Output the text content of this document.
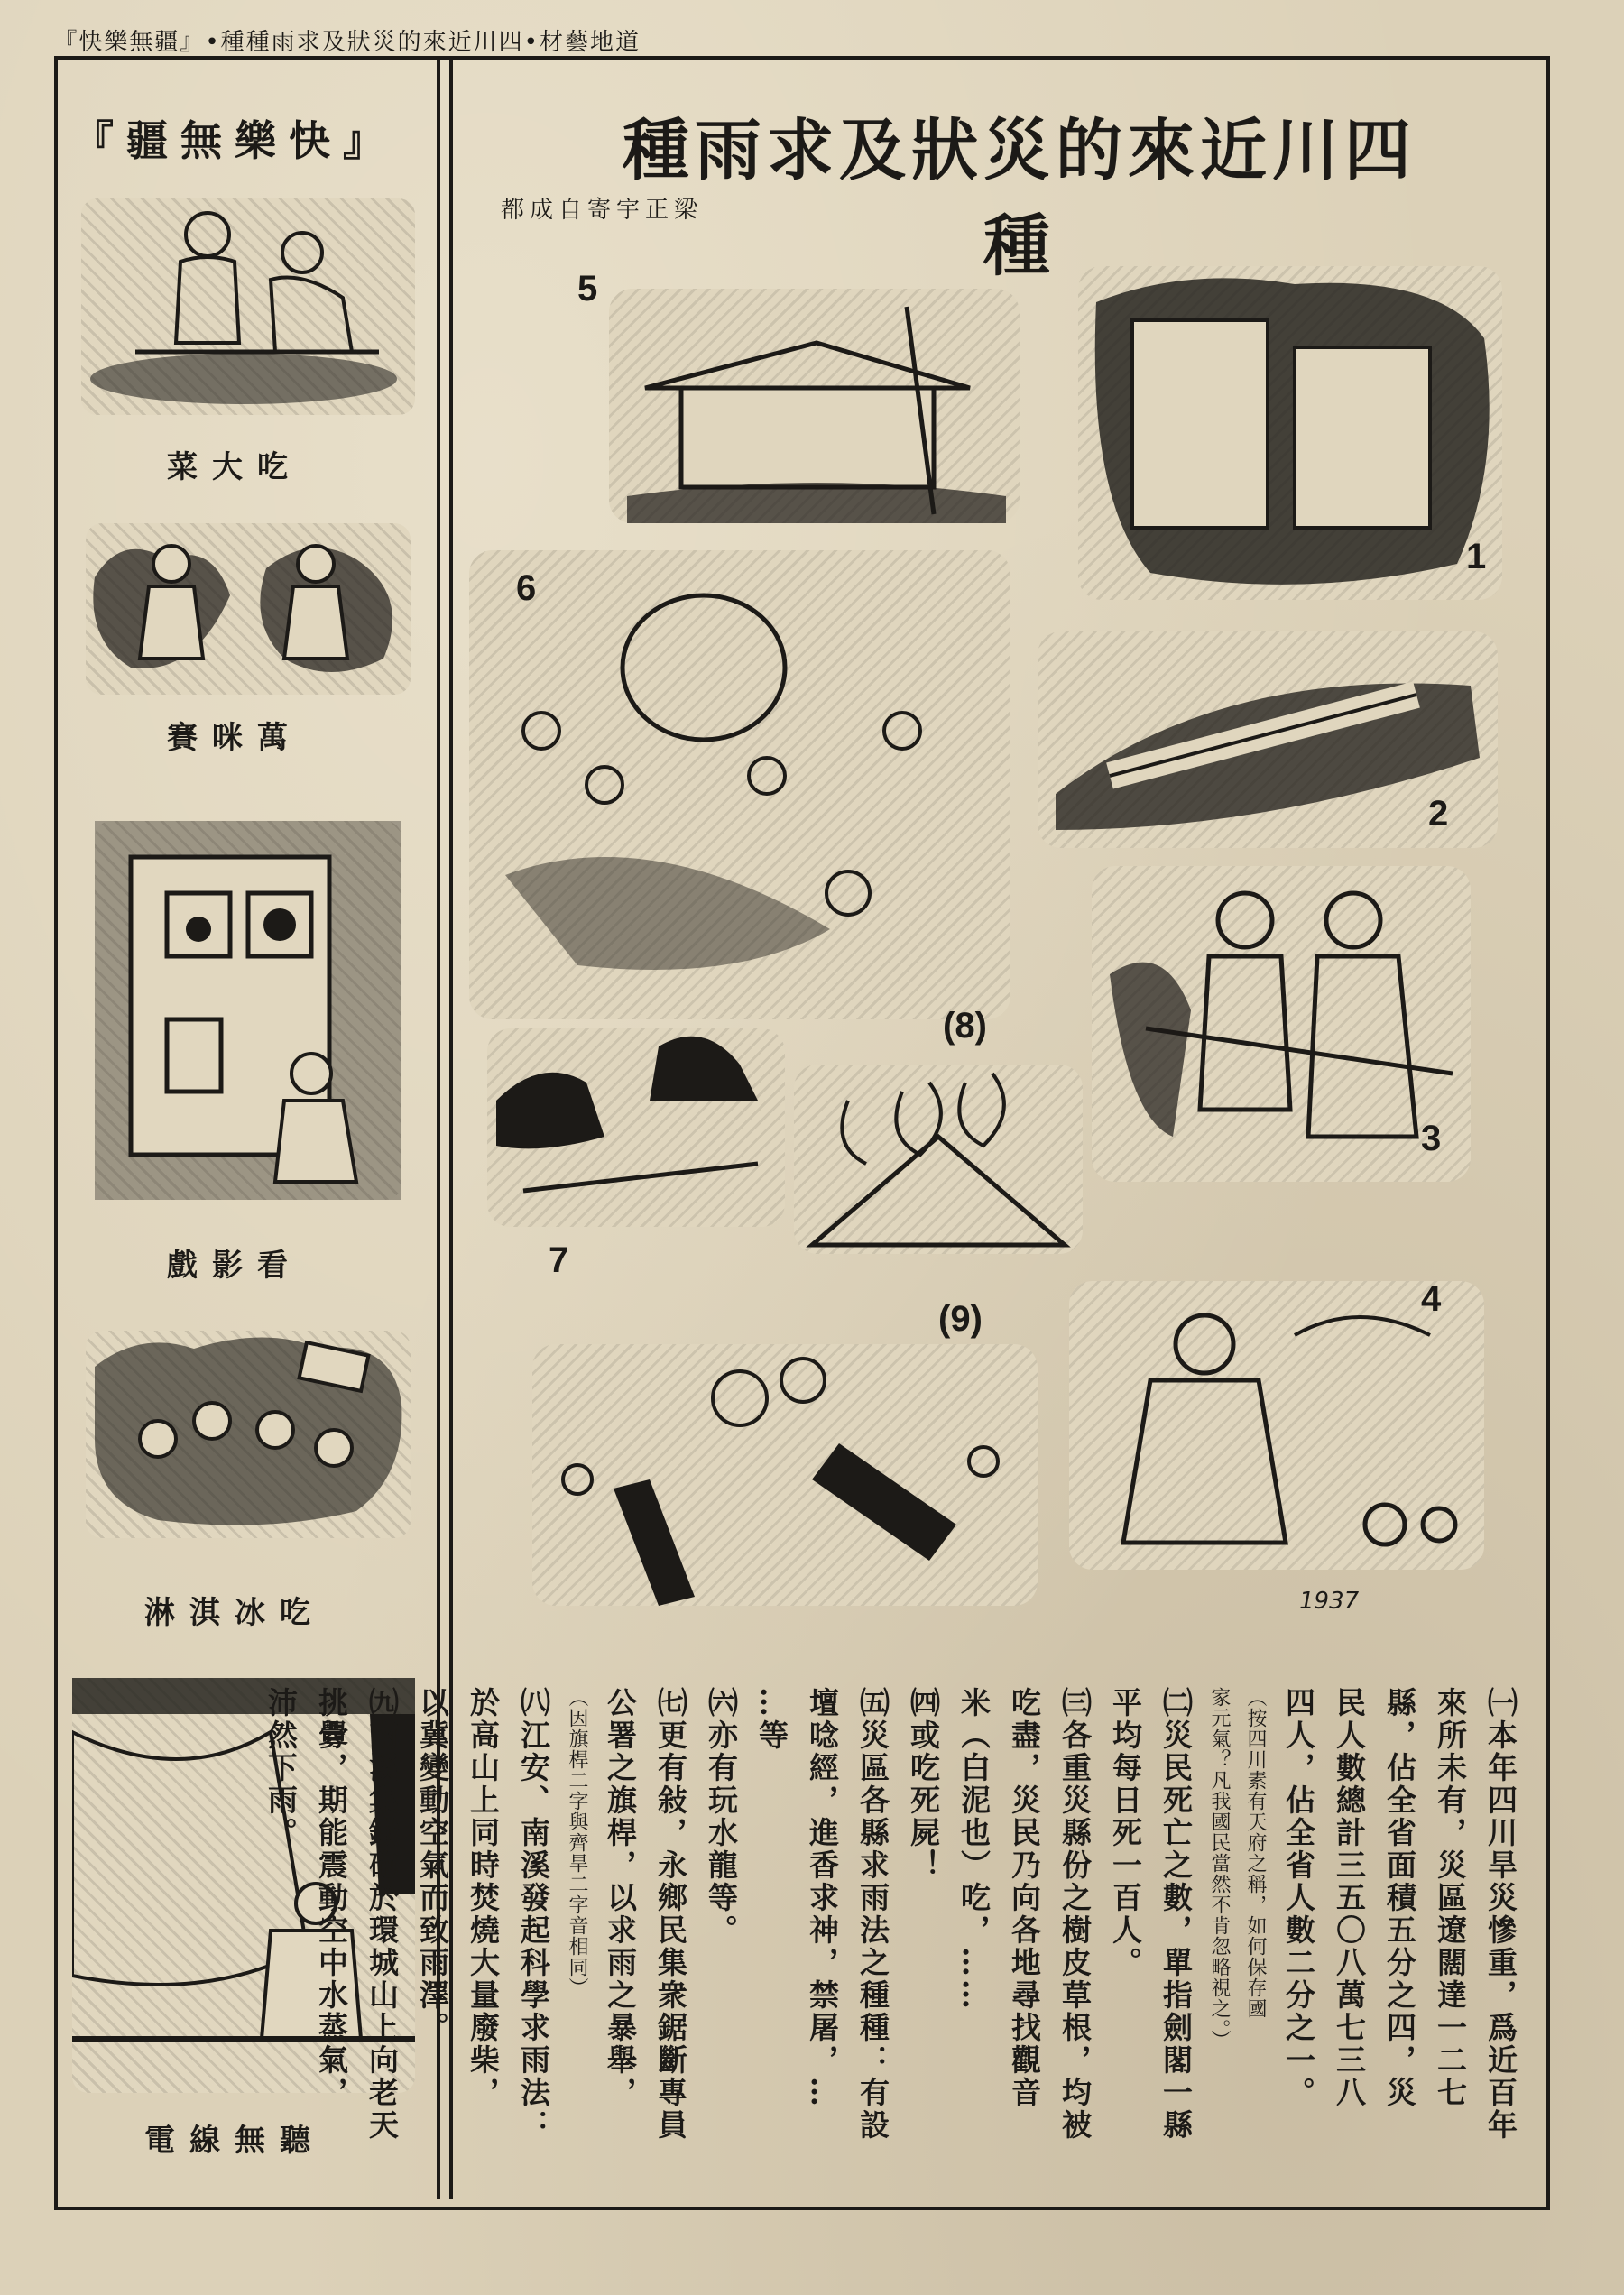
道地藝材•四川近來的災狀及求雨種種•『疆無樂快』
『快樂無疆』
吃大菜
萬咪賽
看影戲
吃冰淇淋
聽無線電
四川近來的災狀及求雨種種
梁正宇寄自成都
5
1
6
2
3
(8)
7
4
(9)
1937
㈠本年四川旱災慘重，爲近百年
來所未有，災區遼闊達一二七
縣，佔全省面積五分之四，災
民人數總計三五〇八萬七三八
四人，佔全省人數二分之一。
（按四川素有天府之稱，如何保存國
家元氣？凡我國民當然不肯忽略視之。）
㈡災民死亡之數，單指劍閣一縣
平均每日死一百人。
㈢各重災縣份之樹皮草根，均被
吃盡，災民乃向各地尋找觀音
米（白泥也）吃，……
㈣或吃死屍！
㈤災區各縣求雨法之種種：有設
壇唸經，進香求神，禁屠，…
…等
㈥亦有玩水龍等。
㈦更有敍，永鄉民集衆鋸斷專員
公署之旗桿，以求雨之暴舉，
（因旗桿二字與齊旱二字音相同）
㈧江安、南溪發起科學求雨法：
於高山上同時焚燒大量廢柴，
以冀變動空氣而致雨澤。
㈨南溪集鐵砲於環城山上向老天
挑釁，期能震動空中水蒸氣，
沛然下雨。
